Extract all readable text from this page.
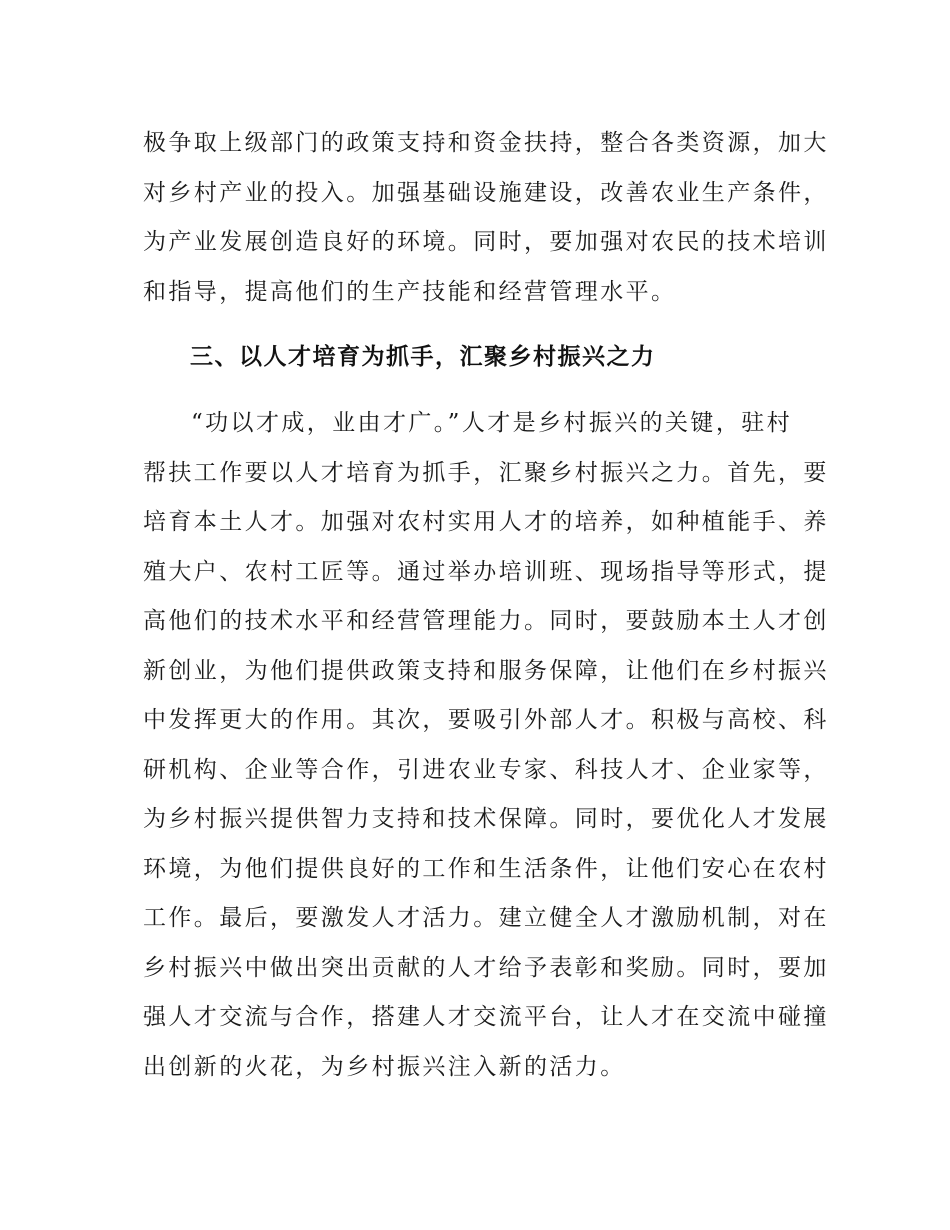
极争取上级部门的政策支持和资金扶持，整合各类资源，加大
对乡村产业的投入。加强基础设施建设，改善农业生产条件，
为产业发展创造良好的环境。同时，要加强对农民的技术培训
和指导，提高他们的生产技能和经营管理水平。
三、以人才培育为抓手，汇聚乡村振兴之力
“功以才成，业由才广。”人才是乡村振兴的关键，驻村
帮扶工作要以人才培育为抓手，汇聚乡村振兴之力。首先，要
培育本土人才。加强对农村实用人才的培养，如种植能手、养
殖大户、农村工匠等。通过举办培训班、现场指导等形式，提
高他们的技术水平和经营管理能力。同时，要鼓励本土人才创
新创业，为他们提供政策支持和服务保障，让他们在乡村振兴
中发挥更大的作用。其次，要吸引外部人才。积极与高校、科
研机构、企业等合作，引进农业专家、科技人才、企业家等，
为乡村振兴提供智力支持和技术保障。同时，要优化人才发展
环境，为他们提供良好的工作和生活条件，让他们安心在农村
工作。最后，要激发人才活力。建立健全人才激励机制，对在
乡村振兴中做出突出贡献的人才给予表彰和奖励。同时，要加
强人才交流与合作，搭建人才交流平台，让人才在交流中碰撞
出创新的火花，为乡村振兴注入新的活力。
